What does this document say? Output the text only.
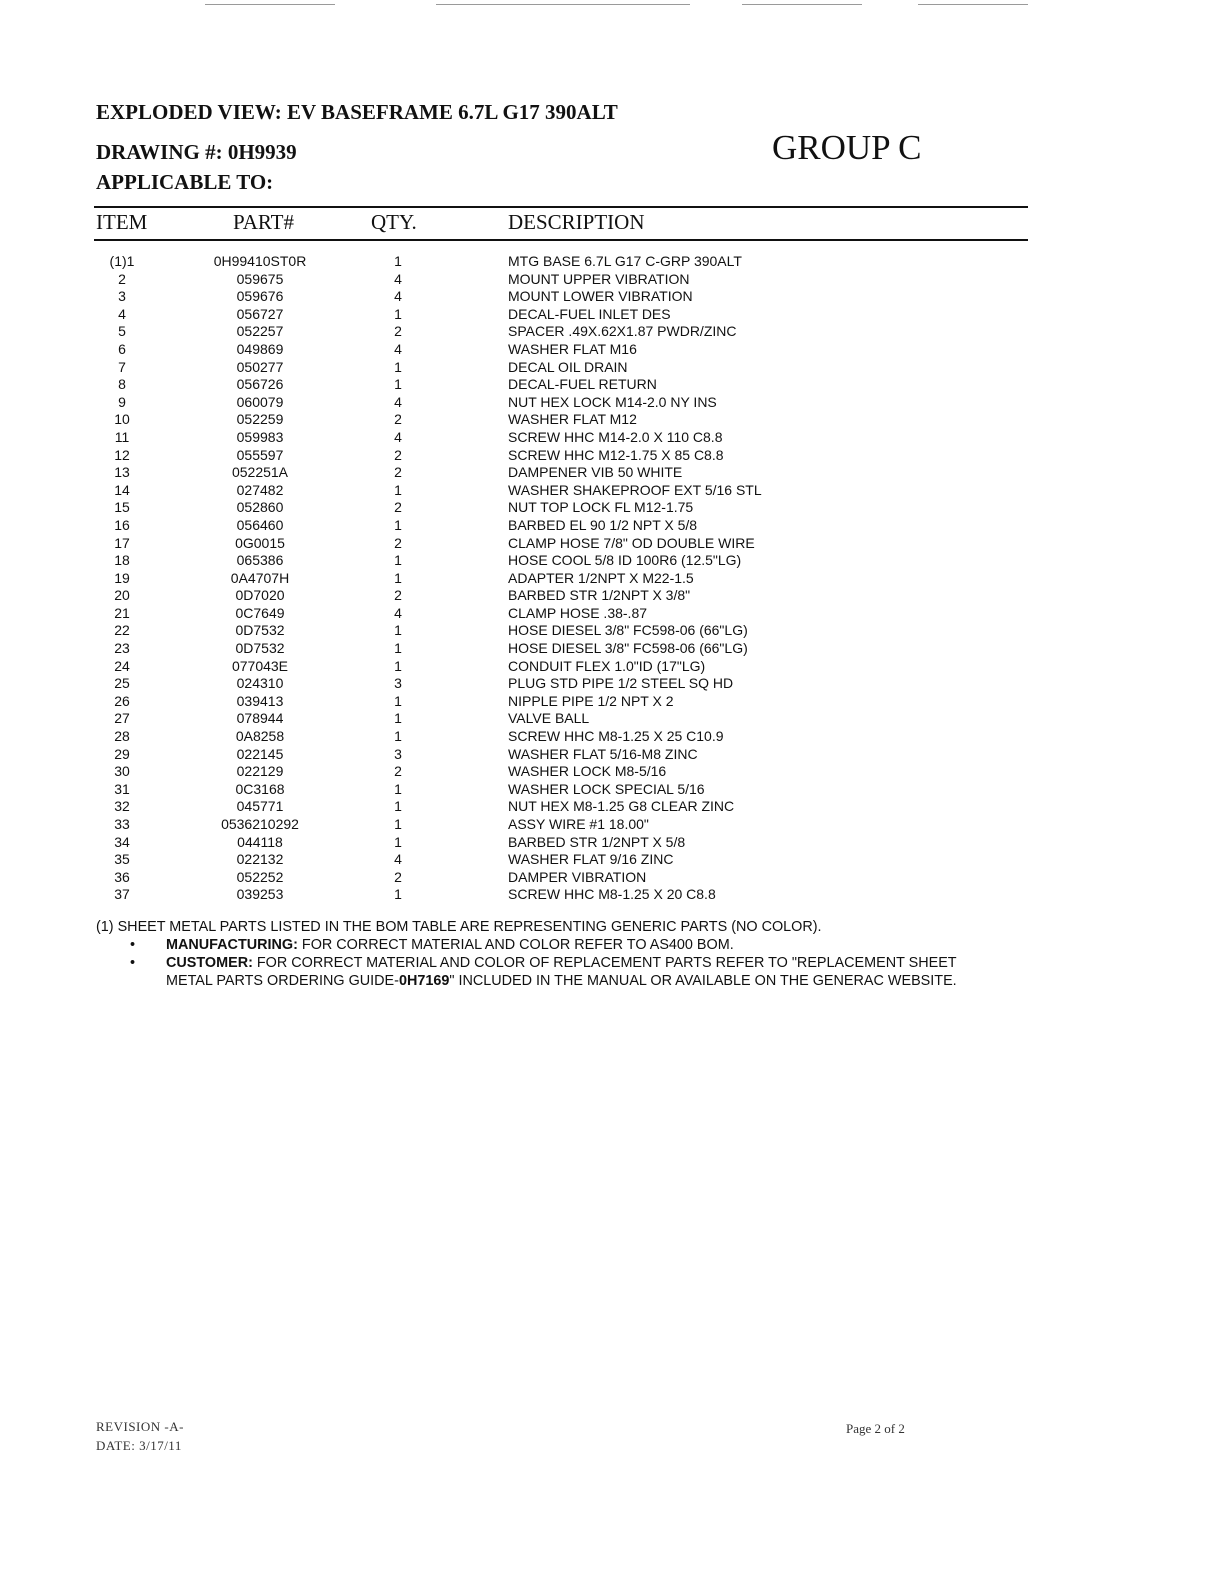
EXPLODED VIEW: EV BASEFRAME 6.7L G17 390ALT
DRAWING #: 0H9939
APPLICABLE TO:
GROUP C
ITEM	PART#	QTY.	DESCRIPTION
(1)1	0H99410ST0R	1	MTG BASE 6.7L G17 C-GRP 390ALT
2	059675	4	MOUNT UPPER VIBRATION
3	059676	4	MOUNT LOWER VIBRATION
4	056727	1	DECAL-FUEL INLET DES
5	052257	2	SPACER .49X.62X1.87 PWDR/ZINC
6	049869	4	WASHER FLAT M16
7	050277	1	DECAL OIL DRAIN
8	056726	1	DECAL-FUEL RETURN
9	060079	4	NUT HEX LOCK M14-2.0 NY INS
10	052259	2	WASHER FLAT M12
11	059983	4	SCREW HHC M14-2.0 X 110 C8.8
12	055597	2	SCREW HHC M12-1.75 X 85 C8.8
13	052251A	2	DAMPENER VIB 50 WHITE
14	027482	1	WASHER SHAKEPROOF EXT 5/16 STL
15	052860	2	NUT TOP LOCK FL M12-1.75
16	056460	1	BARBED EL 90 1/2 NPT X 5/8
17	0G0015	2	CLAMP HOSE 7/8" OD DOUBLE WIRE
18	065386	1	HOSE COOL 5/8 ID 100R6 (12.5"LG)
19	0A4707H	1	ADAPTER 1/2NPT X M22-1.5
20	0D7020	2	BARBED STR 1/2NPT X 3/8"
21	0C7649	4	CLAMP HOSE .38-.87
22	0D7532	1	HOSE DIESEL 3/8" FC598-06 (66"LG)
23	0D7532	1	HOSE DIESEL 3/8" FC598-06 (66"LG)
24	077043E	1	CONDUIT FLEX 1.0"ID (17"LG)
25	024310	3	PLUG STD PIPE 1/2 STEEL SQ HD
26	039413	1	NIPPLE PIPE 1/2 NPT X 2
27	078944	1	VALVE BALL
28	0A8258	1	SCREW HHC M8-1.25 X 25 C10.9
29	022145	3	WASHER FLAT 5/16-M8 ZINC
30	022129	2	WASHER LOCK M8-5/16
31	0C3168	1	WASHER LOCK SPECIAL 5/16
32	045771	1	NUT HEX M8-1.25 G8 CLEAR ZINC
33	0536210292	1	ASSY WIRE #1 18.00"
34	044118	1	BARBED STR 1/2NPT X 5/8
35	022132	4	WASHER FLAT 9/16 ZINC
36	052252	2	DAMPER VIBRATION
37	039253	1	SCREW HHC M8-1.25 X 20 C8.8
(1) SHEET METAL PARTS LISTED IN THE BOM TABLE ARE REPRESENTING GENERIC PARTS (NO COLOR).
• MANUFACTURING: FOR CORRECT MATERIAL AND COLOR REFER TO AS400 BOM.
• CUSTOMER: FOR CORRECT MATERIAL AND COLOR OF REPLACEMENT PARTS REFER TO "REPLACEMENT SHEET
METAL PARTS ORDERING GUIDE-0H7169" INCLUDED IN THE MANUAL OR AVAILABLE ON THE GENERAC WEBSITE.
REVISION -A-
DATE: 3/17/11
Page 2 of 2
